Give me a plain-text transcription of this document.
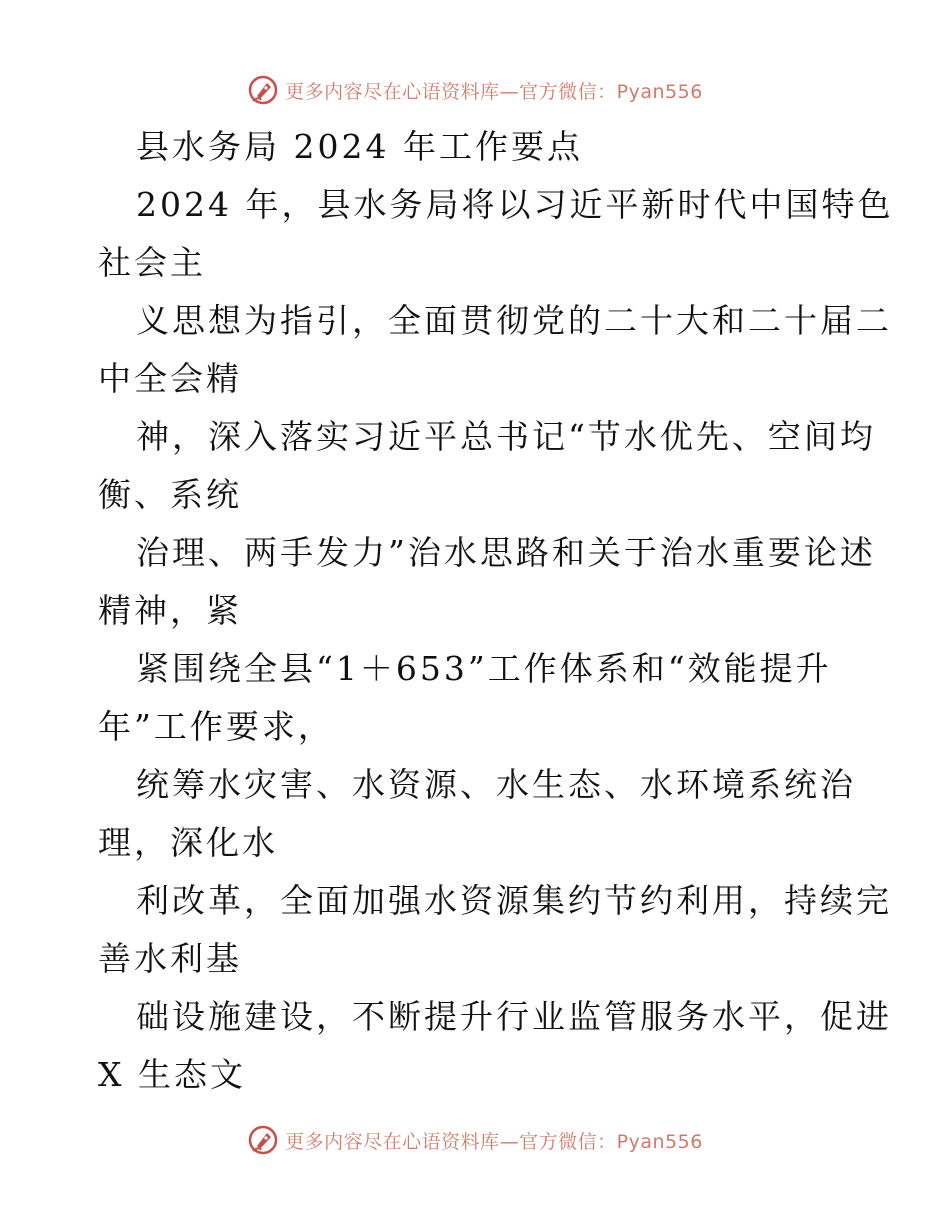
更多内容尽在心语资料库—官方微信：Pyan556
县水务局 2024 年工作要点
2024 年，县水务局将以习近平新时代中国特色
社会主
义思想为指引，全面贯彻党的二十大和二十届二
中全会精
神，深入落实习近平总书记“节水优先、空间均
衡、系统
治理、两手发力”治水思路和关于治水重要论述
精神，紧
紧围绕全县“1＋653”工作体系和“效能提升
年”工作要求，
统筹水灾害、水资源、水生态、水环境系统治
理，深化水
利改革，全面加强水资源集约节约利用，持续完
善水利基
础设施建设，不断提升行业监管服务水平，促进
X 生态文
更多内容尽在心语资料库—官方微信：Pyan556
